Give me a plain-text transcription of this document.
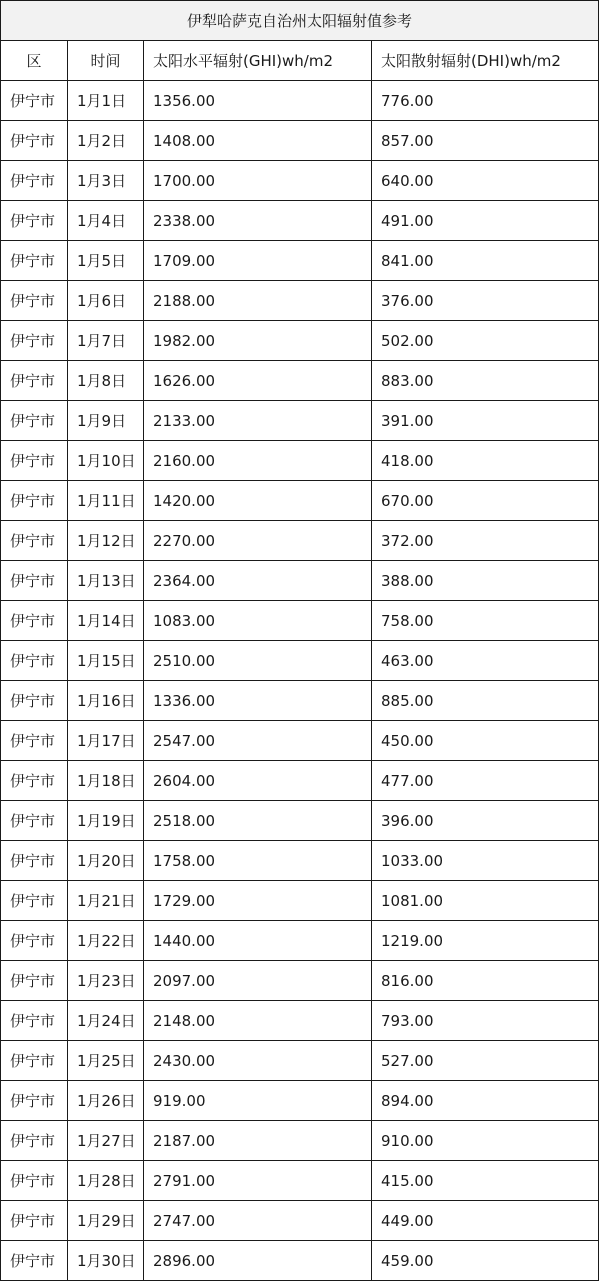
伊犁哈萨克自治州太阳辐射值参考			
区	时间	太阳水平辐射(GHI)wh/m2	太阳散射辐射(DHI)wh/m2
伊宁市	1月1日	1356.00	776.00
伊宁市	1月2日	1408.00	857.00
伊宁市	1月3日	1700.00	640.00
伊宁市	1月4日	2338.00	491.00
伊宁市	1月5日	1709.00	841.00
伊宁市	1月6日	2188.00	376.00
伊宁市	1月7日	1982.00	502.00
伊宁市	1月8日	1626.00	883.00
伊宁市	1月9日	2133.00	391.00
伊宁市	1月10日	2160.00	418.00
伊宁市	1月11日	1420.00	670.00
伊宁市	1月12日	2270.00	372.00
伊宁市	1月13日	2364.00	388.00
伊宁市	1月14日	1083.00	758.00
伊宁市	1月15日	2510.00	463.00
伊宁市	1月16日	1336.00	885.00
伊宁市	1月17日	2547.00	450.00
伊宁市	1月18日	2604.00	477.00
伊宁市	1月19日	2518.00	396.00
伊宁市	1月20日	1758.00	1033.00
伊宁市	1月21日	1729.00	1081.00
伊宁市	1月22日	1440.00	1219.00
伊宁市	1月23日	2097.00	816.00
伊宁市	1月24日	2148.00	793.00
伊宁市	1月25日	2430.00	527.00
伊宁市	1月26日	919.00	894.00
伊宁市	1月27日	2187.00	910.00
伊宁市	1月28日	2791.00	415.00
伊宁市	1月29日	2747.00	449.00
伊宁市	1月30日	2896.00	459.00
